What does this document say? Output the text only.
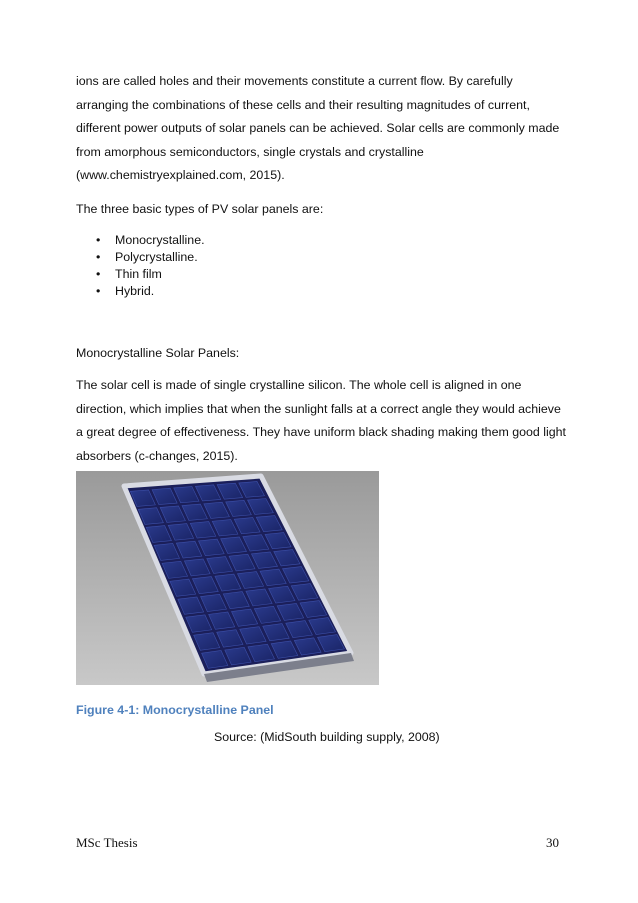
ions are called holes and their movements constitute a current flow. By carefully arranging the combinations of these cells and their resulting magnitudes of current, different power outputs of solar panels can be achieved. Solar cells are commonly made from amorphous semiconductors, single crystals and crystalline (www.chemistryexplained.com, 2015).

The three basic types of PV solar panels are:

• Monocrystalline.
• Polycrystalline.
• Thin film
• Hybrid.

Monocrystalline Solar Panels:

The solar cell is made of single crystalline silicon. The whole cell is aligned in one direction, which implies that when the sunlight falls at a correct angle they would achieve a great degree of effectiveness. They have uniform black shading making them good light absorbers (c-changes, 2015).

Figure 4-1: Monocrystalline Panel
Source: (MidSouth building supply, 2008)
MSc Thesis	30
